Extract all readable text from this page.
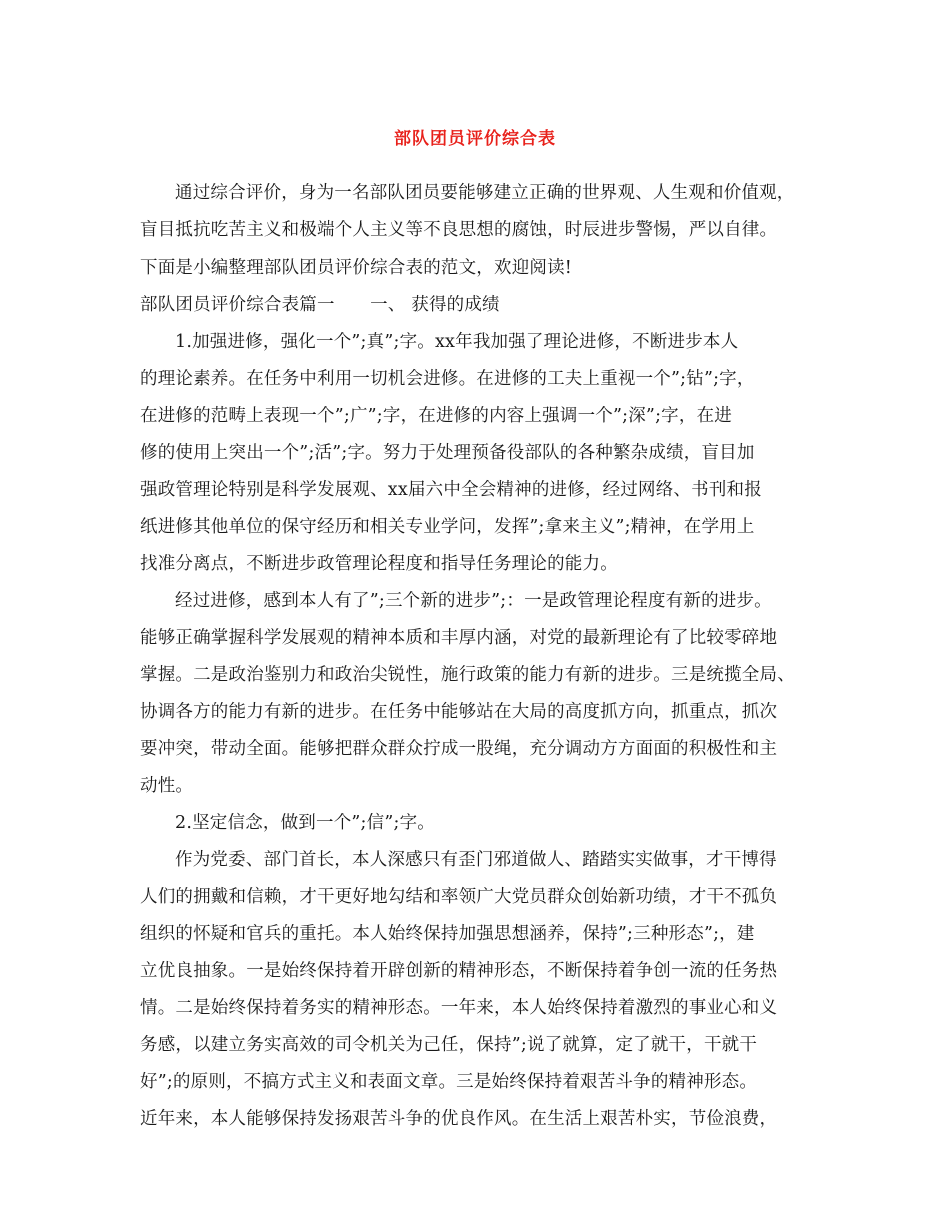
部队团员评价综合表
通过综合评价，身为一名部队团员要能够建立正确的世界观、人生观和价值观，
盲目抵抗吃苦主义和极端个人主义等不良思想的腐蚀，时辰进步警惕，严以自律。
下面是小编整理部队团员评价综合表的范文，欢迎阅读!
部队团员评价综合表篇一　　一、 获得的成绩
1.加强进修，强化一个”;真”;字。xx年我加强了理论进修，不断进步本人
的理论素养。在任务中利用一切机会进修。在进修的工夫上重视一个”;钻”;字，
在进修的范畴上表现一个”;广”;字，在进修的内容上强调一个”;深”;字，在进
修的使用上突出一个”;活”;字。努力于处理预备役部队的各种繁杂成绩，盲目加
强政管理论特别是科学发展观、xx届六中全会精神的进修，经过网络、书刊和报
纸进修其他单位的保守经历和相关专业学问，发挥”;拿来主义”;精神，在学用上
找准分离点，不断进步政管理论程度和指导任务理论的能力。
经过进修，感到本人有了”;三个新的进步”;：一是政管理论程度有新的进步。
能够正确掌握科学发展观的精神本质和丰厚内涵，对党的最新理论有了比较零碎地
掌握。二是政治鉴别力和政治尖锐性，施行政策的能力有新的进步。三是统揽全局、
协调各方的能力有新的进步。在任务中能够站在大局的高度抓方向，抓重点，抓次
要冲突，带动全面。能够把群众群众拧成一股绳，充分调动方方面面的积极性和主
动性。
2.坚定信念，做到一个”;信”;字。
作为党委、部门首长，本人深感只有歪门邪道做人、踏踏实实做事，才干博得
人们的拥戴和信赖，才干更好地勾结和率领广大党员群众创始新功绩，才干不孤负
组织的怀疑和官兵的重托。本人始终保持加强思想涵养，保持”;三种形态”;，建
立优良抽象。一是始终保持着开辟创新的精神形态，不断保持着争创一流的任务热
情。二是始终保持着务实的精神形态。一年来，本人始终保持着激烈的事业心和义
务感，以建立务实高效的司令机关为己任，保持”;说了就算，定了就干，干就干
好”;的原则，不搞方式主义和表面文章。三是始终保持着艰苦斗争的精神形态。
近年来，本人能够保持发扬艰苦斗争的优良作风。在生活上艰苦朴实，节俭浪费，
